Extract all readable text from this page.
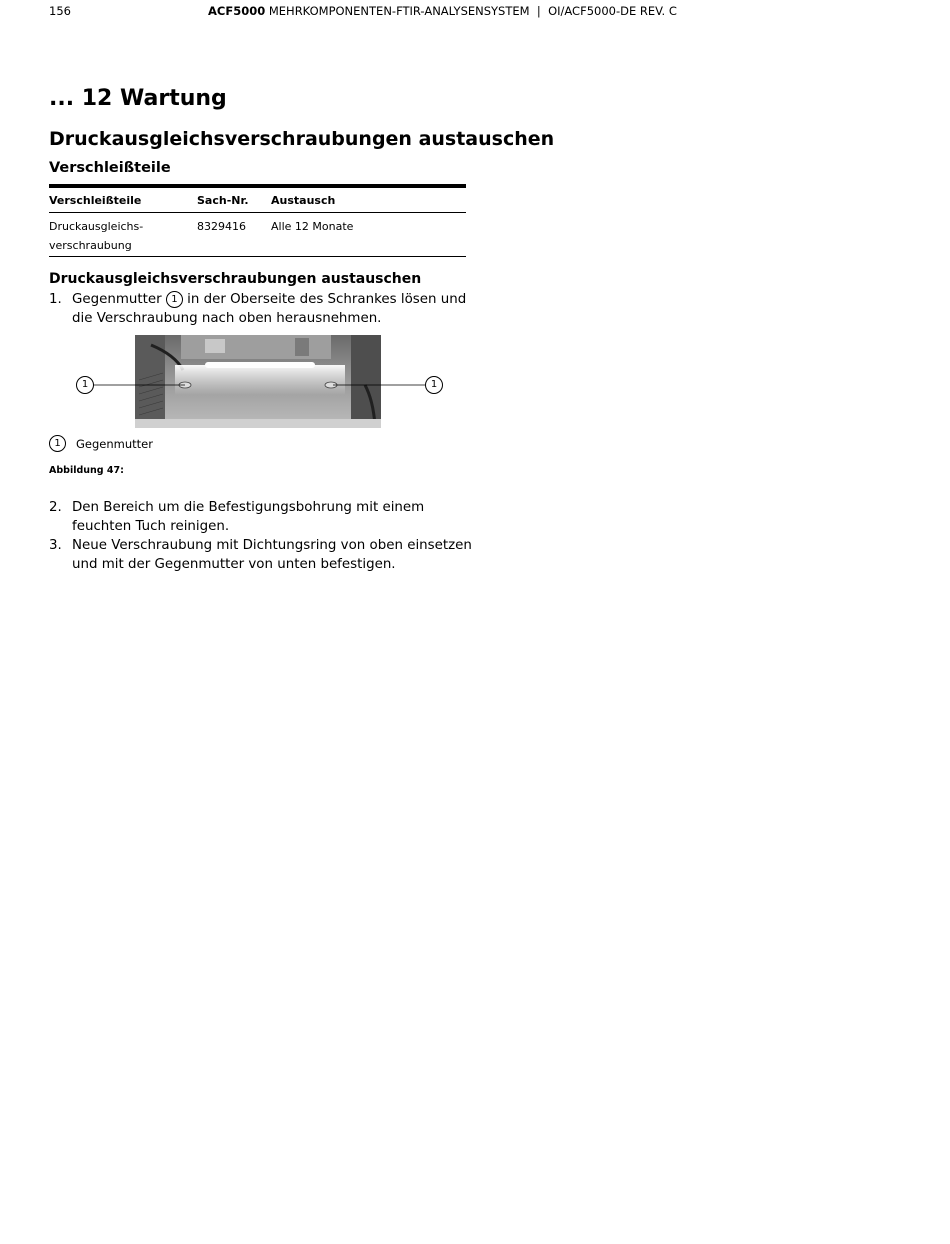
156	ACF5000 MEHRKOMPONENTEN-FTIR-ANALYSENSYSTEM  |  OI/ACF5000-DE REV. C
... 12 Wartung
Druckausgleichsverschraubungen austauschen
Verschleißteile
Verschleißteile	Sach-Nr.	Austausch
Druckausgleichs-
verschraubung	8329416	Alle 12 Monate
Druckausgleichsverschraubungen austauschen
1. Gegenmutter 1 in der Oberseite des Schrankes lösen und die Verschraubung nach oben herausnehmen.
1	1
1	Gegenmutter
Abbildung 47:
2. Den Bereich um die Befestigungsbohrung mit einem feuchten Tuch reinigen.
3. Neue Verschraubung mit Dichtungsring von oben einsetzen und mit der Gegenmutter von unten befestigen.
